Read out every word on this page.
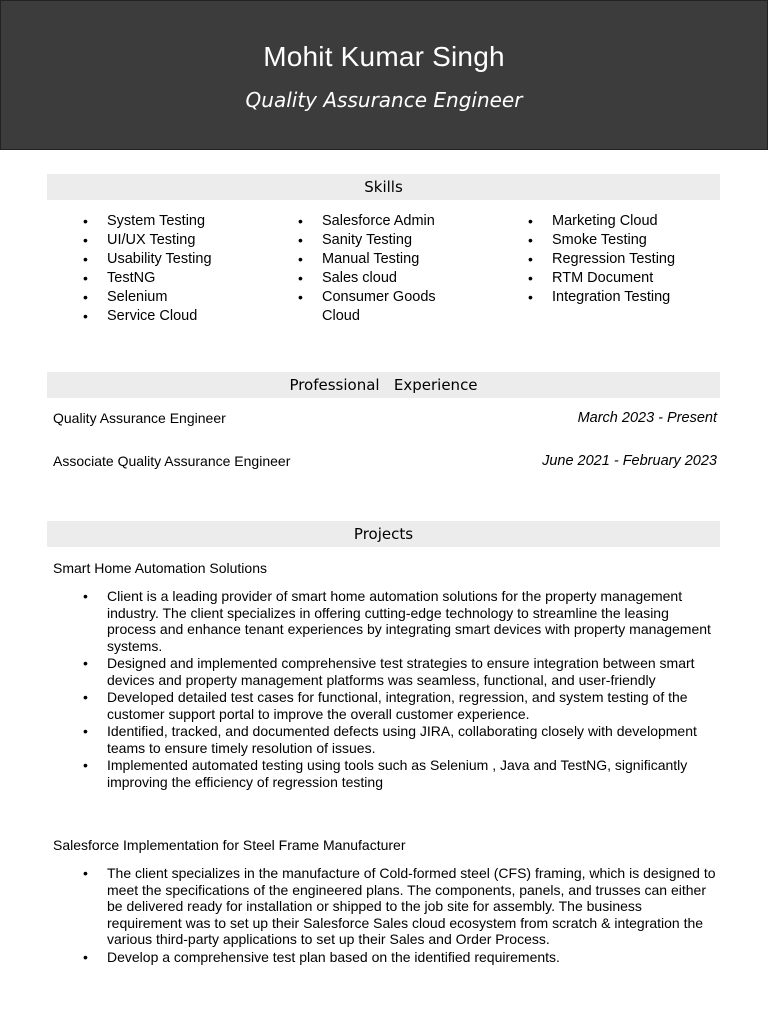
Mohit Kumar Singh
Quality Assurance Engineer
Skills
• System Testing
• UI/UX Testing
• Usability Testing
• TestNG
• Selenium
• Service Cloud
• Salesforce Admin
• Sanity Testing
• Manual Testing
• Sales cloud
• Consumer Goods Cloud
• Marketing Cloud
• Smoke Testing
• Regression Testing
• RTM Document
• Integration Testing
Professional   Experience
Quality Assurance Engineer	March 2023 - Present
Associate Quality Assurance Engineer	June 2021 - February 2023
Projects
Smart Home Automation Solutions
• Client is a leading provider of smart home automation solutions for the property management industry. The client specializes in offering cutting-edge technology to streamline the leasing process and enhance tenant experiences by integrating smart devices with property management systems.
• Designed and implemented comprehensive test strategies to ensure integration between smart devices and property management platforms was seamless, functional, and user-friendly
• Developed detailed test cases for functional, integration, regression, and system testing of the customer support portal to improve the overall customer experience.
• Identified, tracked, and documented defects using JIRA, collaborating closely with development teams to ensure timely resolution of issues.
• Implemented automated testing using tools such as Selenium , Java and TestNG, significantly improving the efficiency of regression testing
Salesforce Implementation for Steel Frame Manufacturer
• The client specializes in the manufacture of Cold-formed steel (CFS) framing, which is designed to meet the specifications of the engineered plans. The components, panels, and trusses can either be delivered ready for installation or shipped to the job site for assembly. The business requirement was to set up their Salesforce Sales cloud ecosystem from scratch & integration the various third-party applications to set up their Sales and Order Process.
• Develop a comprehensive test plan based on the identified requirements.
